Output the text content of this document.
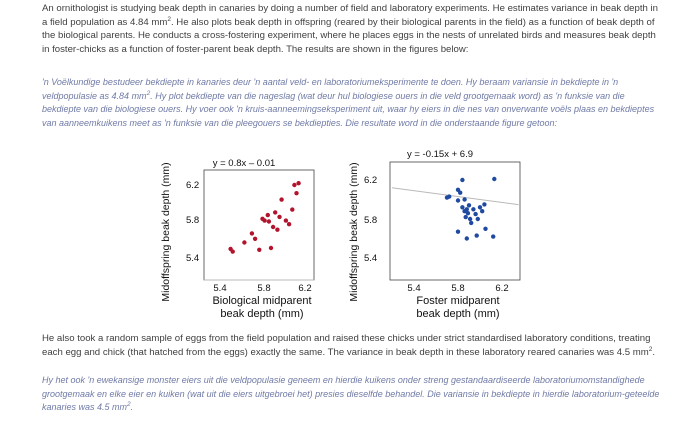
An ornithologist is studying beak depth in canaries by doing a number of field and laboratory experiments. He estimates variance in beak depth in a field population as 4.84 $mm^2$. He also plots beak depth in offspring (reared by their biological parents in the field) as a function of beak depth of the biological parents. He conducts a cross-fostering experiment, where he places eggs in the nests of unrelated birds and measures beak depth in foster-chicks as a function of foster-parent beak depth. The results are shown in the figures below:

'n Voëlkundige bestudeer bekdiepte in kanaries deur 'n aantal veld- en laboratoriumeksperimente te doen. Hy beraam variansie in bekdiepte in 'n veldpopulasie as 4.84 $mm^2$. Hy plot bekdiepte van die nageslag (wat deur hul biologiese ouers in die veld grootgemaak word) as 'n funksie van die bekdiepte van die biologiese ouers. Hy voer ook 'n kruis-aanneemingseksperiment uit, waar hy eiers in die nes van onverwante voëls plaas en bekdieptes van aanneemkuikens meet as 'n funksie van die pleegouers se bekdiepties. Die resultate word in die onderstaande figure getoon:

Midoffspring beak depth (mm)	y = 0.8x – 0.01
5.4
5.8
6.2
5.4	5.8	6.2
Biological midparent
beak depth (mm)
Midoffspring beak depth (mm)
y = -0.15x + 6.9
5.4
5.8
6.2
5.4	5.8	6.2
Foster midparent
beak depth (mm)

He also took a random sample of eggs from the field population and raised these chicks under strict standardised laboratory conditions, treating each egg and chick (that hatched from the eggs) exactly the same. The variance in beak depth in these laboratory reared canaries was 4.5 $mm^2$.

Hy het ook 'n ewekansige monster eiers uit die veldpopulasie geneem en hierdie kuikens onder streng gestandaardiseerde laboratoriumomstandighede grootgemaak en elke eier en kuiken (wat uit die eiers uitgebroei het) presies dieselfde behandel. Die variansie in bekdiepte in hierdie laboratorium-geteelde kanaries was 4.5 $mm^2$.
